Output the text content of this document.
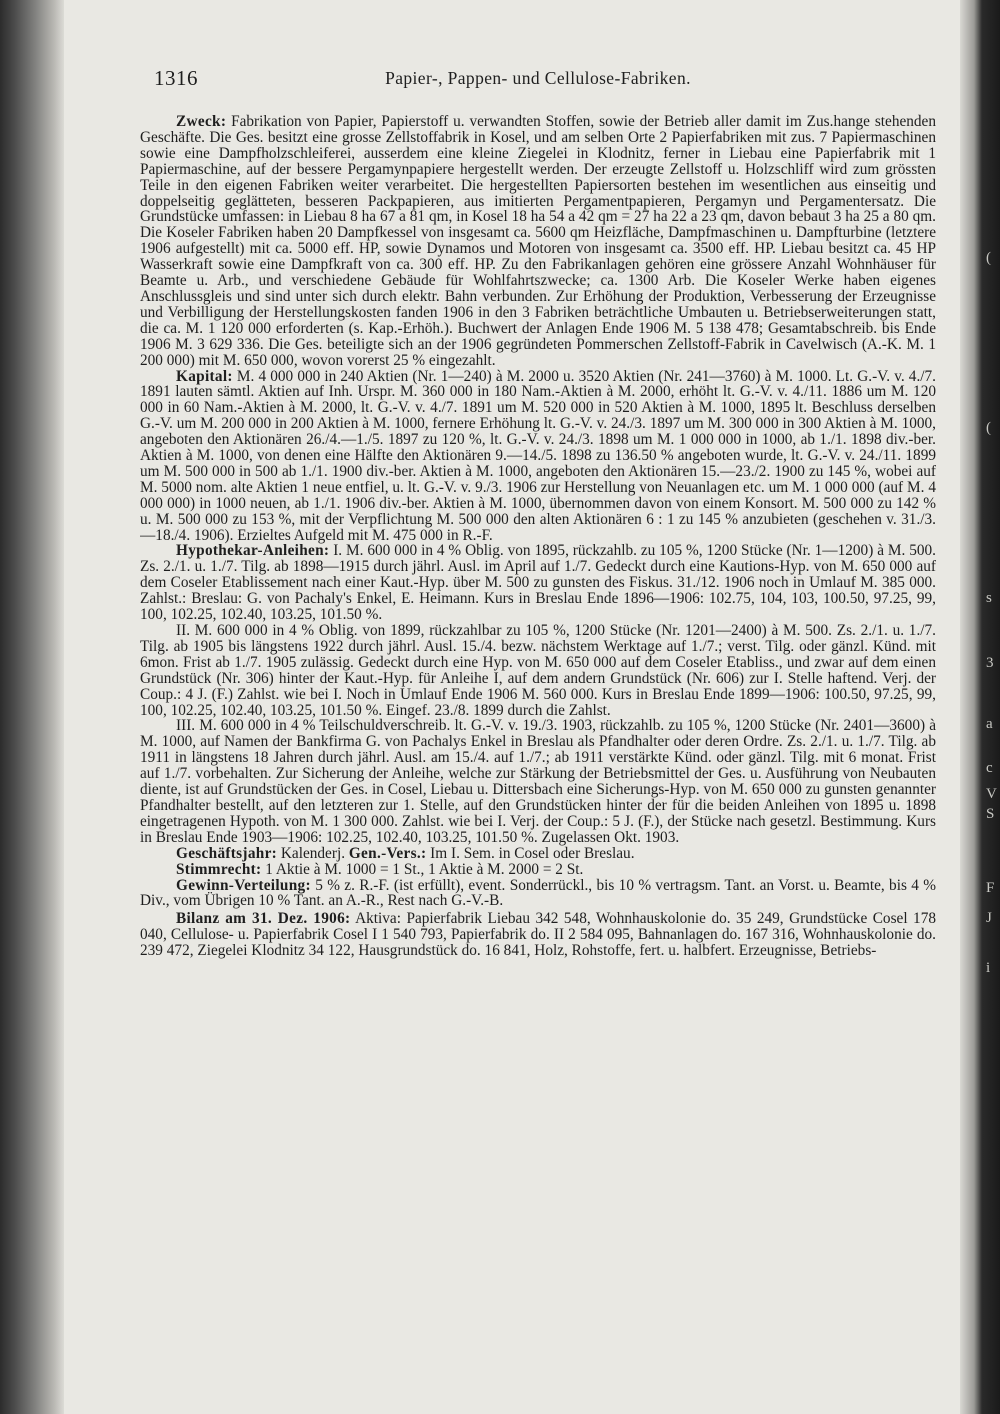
(
(
s
3
a
c
V
S
F
J
i
1316	Papier-, Pappen- und Cellulose-Fabriken.

Zweck: Fabrikation von Papier, Papierstoff u. verwandten Stoffen, sowie der Betrieb aller damit im Zus.hange stehenden Geschäfte. Die Ges. besitzt eine grosse Zellstoffabrik in Kosel, und am selben Orte 2 Papierfabriken mit zus. 7 Papiermaschinen sowie eine Dampfholzschleiferei, ausserdem eine kleine Ziegelei in Klodnitz, ferner in Liebau eine Papierfabrik mit 1 Papiermaschine, auf der bessere Pergamynpapiere hergestellt werden. Der erzeugte Zellstoff u. Holzschliff wird zum grössten Teile in den eigenen Fabriken weiter verarbeitet. Die hergestellten Papiersorten bestehen im wesentlichen aus einseitig und doppelseitig geglätteten, besseren Packpapieren, aus imitierten Pergamentpapieren, Pergamyn und Pergamentersatz. Die Grundstücke umfassen: in Liebau 8 ha 67 a 81 qm, in Kosel 18 ha 54 a 42 qm = 27 ha 22 a 23 qm, davon bebaut 3 ha 25 a 80 qm. Die Koseler Fabriken haben 20 Dampfkessel von insgesamt ca. 5600 qm Heizfläche, Dampfmaschinen u. Dampfturbine (letztere 1906 aufgestellt) mit ca. 5000 eff. HP, sowie Dynamos und Motoren von insgesamt ca. 3500 eff. HP. Liebau besitzt ca. 45 HP Wasserkraft sowie eine Dampfkraft von ca. 300 eff. HP. Zu den Fabrikanlagen gehören eine grössere Anzahl Wohnhäuser für Beamte u. Arb., und verschiedene Gebäude für Wohlfahrtszwecke; ca. 1300 Arb. Die Koseler Werke haben eigenes Anschlussgleis und sind unter sich durch elektr. Bahn verbunden. Zur Erhöhung der Produktion, Verbesserung der Erzeugnisse und Verbilligung der Herstellungskosten fanden 1906 in den 3 Fabriken beträchtliche Umbauten u. Betriebserweiterungen statt, die ca. M. 1 120 000 erforderten (s. Kap.-Erhöh.). Buchwert der Anlagen Ende 1906 M. 5 138 478; Gesamtabschreib. bis Ende 1906 M. 3 629 336. Die Ges. beteiligte sich an der 1906 gegründeten Pommerschen Zellstoff-Fabrik in Cavelwisch (A.-K. M. 1 200 000) mit M. 650 000, wovon vorerst 25 % eingezahlt.

Kapital: M. 4 000 000 in 240 Aktien (Nr. 1—240) à M. 2000 u. 3520 Aktien (Nr. 241—3760) à M. 1000. Lt. G.-V. v. 4./7. 1891 lauten sämtl. Aktien auf Inh. Urspr. M. 360 000 in 180 Nam.-Aktien à M. 2000, erhöht lt. G.-V. v. 4./11. 1886 um M. 120 000 in 60 Nam.-Aktien à M. 2000, lt. G.-V. v. 4./7. 1891 um M. 520 000 in 520 Aktien à M. 1000, 1895 lt. Beschluss derselben G.-V. um M. 200 000 in 200 Aktien à M. 1000, fernere Erhöhung lt. G.-V. v. 24./3. 1897 um M. 300 000 in 300 Aktien à M. 1000, angeboten den Aktionären 26./4.—1./5. 1897 zu 120 %, lt. G.-V. v. 24./3. 1898 um M. 1 000 000 in 1000, ab 1./1. 1898 div.-ber. Aktien à M. 1000, von denen eine Hälfte den Aktionären 9.—14./5. 1898 zu 136.50 % angeboten wurde, lt. G.-V. v. 24./11. 1899 um M. 500 000 in 500 ab 1./1. 1900 div.-ber. Aktien à M. 1000, angeboten den Aktionären 15.—23./2. 1900 zu 145 %, wobei auf M. 5000 nom. alte Aktien 1 neue entfiel, u. lt. G.-V. v. 9./3. 1906 zur Herstellung von Neuanlagen etc. um M. 1 000 000 (auf M. 4 000 000) in 1000 neuen, ab 1./1. 1906 div.-ber. Aktien à M. 1000, übernommen davon von einem Konsort. M. 500 000 zu 142 % u. M. 500 000 zu 153 %, mit der Verpflichtung M. 500 000 den alten Aktionären 6 : 1 zu 145 % anzubieten (geschehen v. 31./3.—18./4. 1906). Erzieltes Aufgeld mit M. 475 000 in R.-F.

Hypothekar-Anleihen: I. M. 600 000 in 4 % Oblig. von 1895, rückzahlb. zu 105 %, 1200 Stücke (Nr. 1—1200) à M. 500. Zs. 2./1. u. 1./7. Tilg. ab 1898—1915 durch jährl. Ausl. im April auf 1./7. Gedeckt durch eine Kautions-Hyp. von M. 650 000 auf dem Coseler Etablissement nach einer Kaut.-Hyp. über M. 500 zu gunsten des Fiskus. 31./12. 1906 noch in Umlauf M. 385 000. Zahlst.: Breslau: G. von Pachaly's Enkel, E. Heimann. Kurs in Breslau Ende 1896—1906: 102.75, 104, 103, 100.50, 97.25, 99, 100, 102.25, 102.40, 103.25, 101.50 %.

II. M. 600 000 in 4 % Oblig. von 1899, rückzahlbar zu 105 %, 1200 Stücke (Nr. 1201—2400) à M. 500. Zs. 2./1. u. 1./7. Tilg. ab 1905 bis längstens 1922 durch jährl. Ausl. 15./4. bezw. nächstem Werktage auf 1./7.; verst. Tilg. oder gänzl. Künd. mit 6mon. Frist ab 1./7. 1905 zulässig. Gedeckt durch eine Hyp. von M. 650 000 auf dem Coseler Etabliss., und zwar auf dem einen Grundstück (Nr. 306) hinter der Kaut.-Hyp. für Anleihe I, auf dem andern Grundstück (Nr. 606) zur I. Stelle haftend. Verj. der Coup.: 4 J. (F.) Zahlst. wie bei I. Noch in Umlauf Ende 1906 M. 560 000. Kurs in Breslau Ende 1899—1906: 100.50, 97.25, 99, 100, 102.25, 102.40, 103.25, 101.50 %. Eingef. 23./8. 1899 durch die Zahlst.

III. M. 600 000 in 4 % Teilschuldverschreib. lt. G.-V. v. 19./3. 1903, rückzahlb. zu 105 %, 1200 Stücke (Nr. 2401—3600) à M. 1000, auf Namen der Bankfirma G. von Pachalys Enkel in Breslau als Pfandhalter oder deren Ordre. Zs. 2./1. u. 1./7. Tilg. ab 1911 in längstens 18 Jahren durch jährl. Ausl. am 15./4. auf 1./7.; ab 1911 verstärkte Künd. oder gänzl. Tilg. mit 6 monat. Frist auf 1./7. vorbehalten. Zur Sicherung der Anleihe, welche zur Stärkung der Betriebsmittel der Ges. u. Ausführung von Neubauten diente, ist auf Grundstücken der Ges. in Cosel, Liebau u. Dittersbach eine Sicherungs-Hyp. von M. 650 000 zu gunsten genannter Pfandhalter bestellt, auf den letzteren zur 1. Stelle, auf den Grundstücken hinter der für die beiden Anleihen von 1895 u. 1898 eingetragenen Hypoth. von M. 1 300 000. Zahlst. wie bei I. Verj. der Coup.: 5 J. (F.), der Stücke nach gesetzl. Bestimmung. Kurs in Breslau Ende 1903—1906: 102.25, 102.40, 103.25, 101.50 %. Zugelassen Okt. 1903.

Geschäftsjahr: Kalenderj. Gen.-Vers.: Im I. Sem. in Cosel oder Breslau.

Stimmrecht: 1 Aktie à M. 1000 = 1 St., 1 Aktie à M. 2000 = 2 St.

Gewinn-Verteilung: 5 % z. R.-F. (ist erfüllt), event. Sonderrückl., bis 10 % vertragsm. Tant. an Vorst. u. Beamte, bis 4 % Div., vom Übrigen 10 % Tant. an A.-R., Rest nach G.-V.-B.

Bilanz am 31. Dez. 1906: Aktiva: Papierfabrik Liebau 342 548, Wohnhauskolonie do. 35 249, Grundstücke Cosel 178 040, Cellulose- u. Papierfabrik Cosel I 1 540 793, Papierfabrik do. II 2 584 095, Bahnanlagen do. 167 316, Wohnhauskolonie do. 239 472, Ziegelei Klodnitz 34 122, Hausgrundstück do. 16 841, Holz, Rohstoffe, fert. u. halbfert. Erzeugnisse, Betriebs-
